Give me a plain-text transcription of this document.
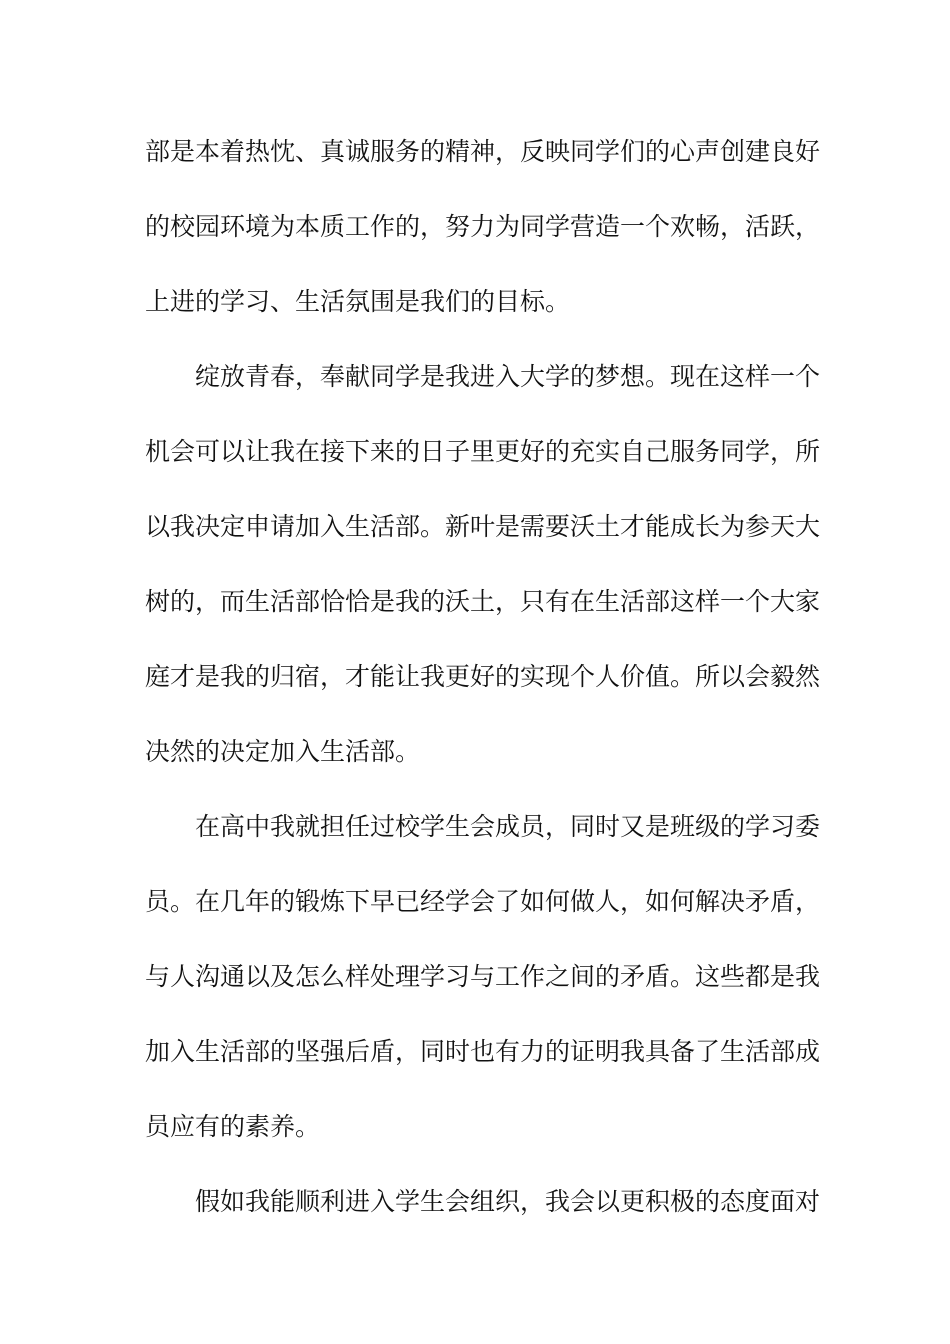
部是本着热忱、真诚服务的精神，反映同学们的心声创建良好
的校园环境为本质工作的，努力为同学营造一个欢畅，活跃，
上进的学习、生活氛围是我们的目标。
绽放青春，奉献同学是我进入大学的梦想。现在这样一个
机会可以让我在接下来的日子里更好的充实自己服务同学，所
以我决定申请加入生活部。新叶是需要沃土才能成长为参天大
树的，而生活部恰恰是我的沃土，只有在生活部这样一个大家
庭才是我的归宿，才能让我更好的实现个人价值。所以会毅然
决然的决定加入生活部。
在高中我就担任过校学生会成员，同时又是班级的学习委
员。在几年的锻炼下早已经学会了如何做人，如何解决矛盾，
与人沟通以及怎么样处理学习与工作之间的矛盾。这些都是我
加入生活部的坚强后盾，同时也有力的证明我具备了生活部成
员应有的素养。
假如我能顺利进入学生会组织，我会以更积极的态度面对
